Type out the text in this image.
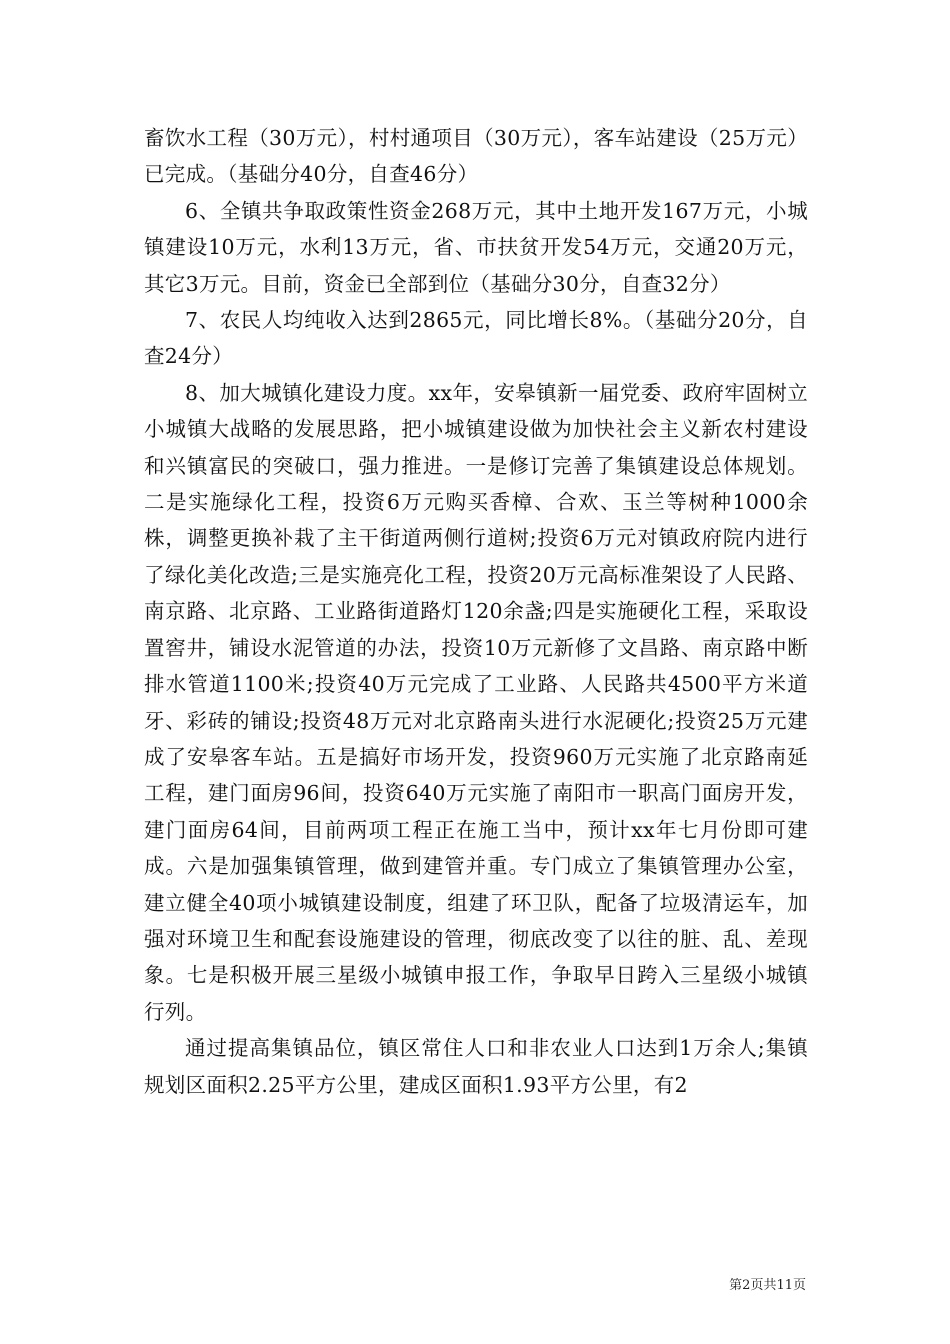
畜饮水工程（30万元），村村通项目（30万元），客车站建设（25万元）已完成。（基础分40分，自查46分）

6、全镇共争取政策性资金268万元，其中土地开发167万元，小城镇建设10万元，水利13万元，省、市扶贫开发54万元，交通20万元，其它3万元。目前，资金已全部到位（基础分30分，自查32分）

7、农民人均纯收入达到2865元，同比增长8%。（基础分20分，自查24分）

8、加大城镇化建设力度。xx年，安皋镇新一届党委、政府牢固树立小城镇大战略的发展思路，把小城镇建设做为加快社会主义新农村建设和兴镇富民的突破口，强力推进。一是修订完善了集镇建设总体规划。二是实施绿化工程，投资6万元购买香樟、合欢、玉兰等树种1000余株，调整更换补栽了主干街道两侧行道树;投资6万元对镇政府院内进行了绿化美化改造;三是实施亮化工程，投资20万元高标准架设了人民路、南京路、北京路、工业路街道路灯120余盏;四是实施硬化工程，采取设置窖井，铺设水泥管道的办法，投资10万元新修了文昌路、南京路中断排水管道1100米;投资40万元完成了工业路、人民路共4500平方米道牙、彩砖的铺设;投资48万元对北京路南头进行水泥硬化;投资25万元建成了安皋客车站。五是搞好市场开发，投资960万元实施了北京路南延工程，建门面房96间，投资640万元实施了南阳市一职高门面房开发，建门面房64间，目前两项工程正在施工当中，预计xx年七月份即可建成。六是加强集镇管理，做到建管并重。专门成立了集镇管理办公室，建立健全40项小城镇建设制度，组建了环卫队，配备了垃圾清运车，加强对环境卫生和配套设施建设的管理，彻底改变了以往的脏、乱、差现象。七是积极开展三星级小城镇申报工作，争取早日跨入三星级小城镇行列。

通过提高集镇品位，镇区常住人口和非农业人口达到1万余人;集镇规划区面积2.25平方公里，建成区面积1.93平方公里，有2

第2页共11页
